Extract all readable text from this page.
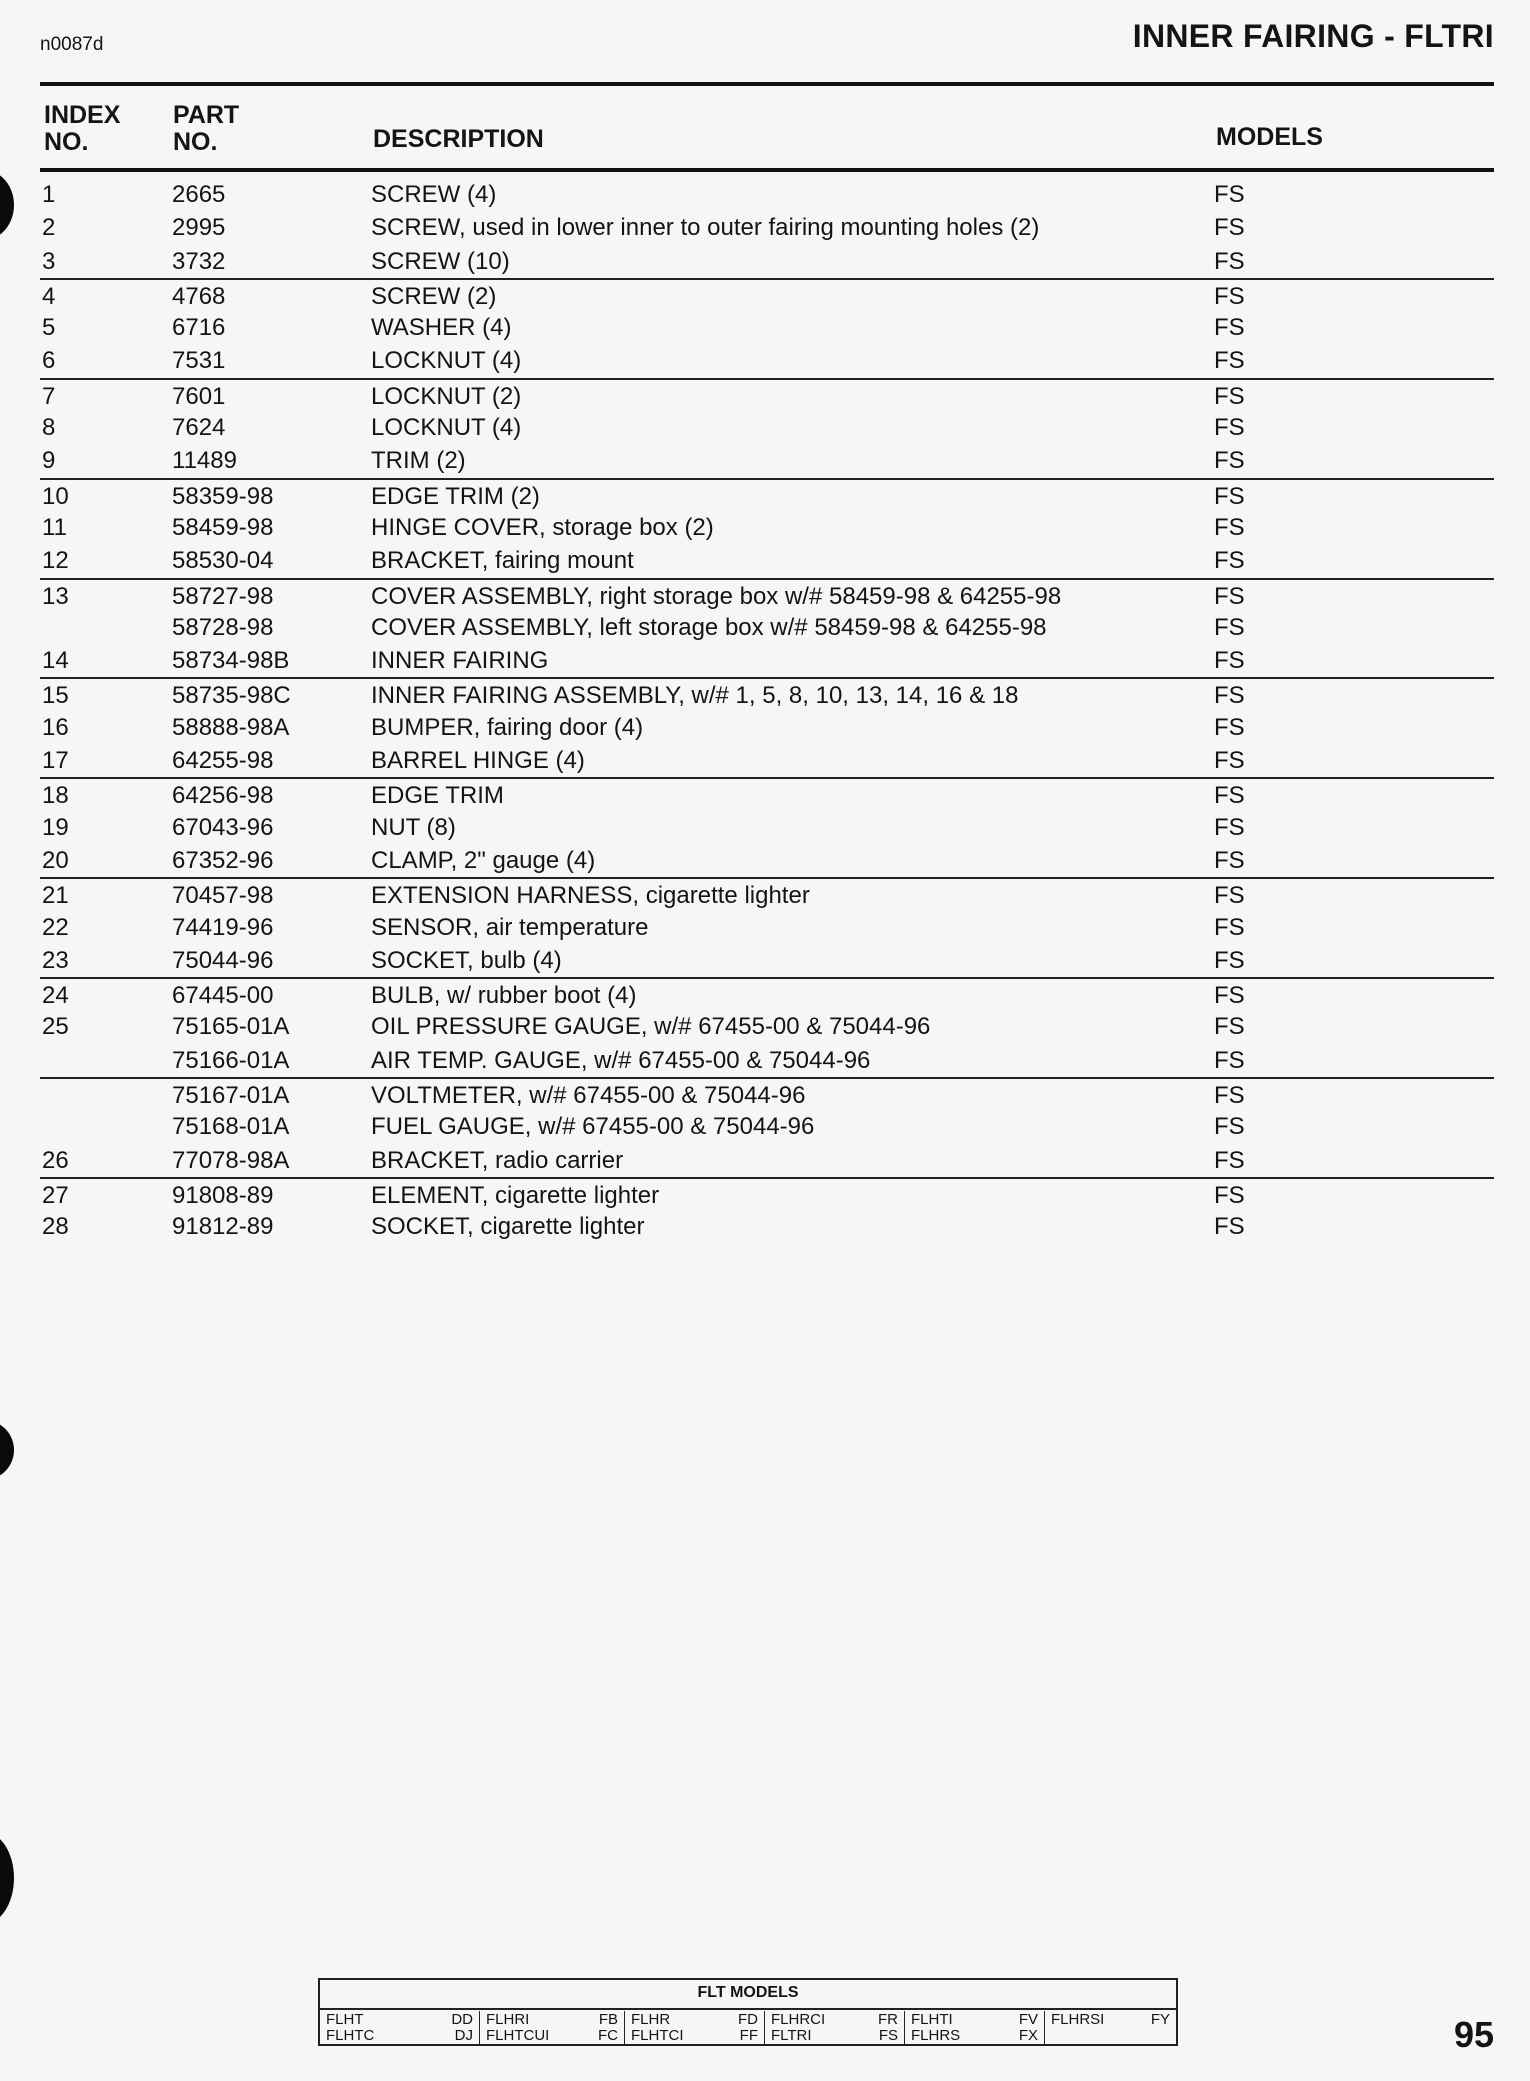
n0087d	INNER FAIRING - FLTRI
INDEX
NO.
PART
NO.	DESCRIPTION	MODELS
1	2665	SCREW (4)	FS
2	2995	SCREW, used in lower inner to outer fairing mounting holes (2)	FS
3	3732	SCREW (10)	FS
4	4768	SCREW (2)	FS
5	6716	WASHER (4)	FS
6	7531	LOCKNUT (4)	FS
7	7601	LOCKNUT (2)	FS
8	7624	LOCKNUT (4)	FS
9	11489	TRIM (2)	FS
10	58359-98	EDGE TRIM (2)	FS
11	58459-98	HINGE COVER, storage box (2)	FS
12	58530-04	BRACKET, fairing mount	FS
13	58727-98	COVER ASSEMBLY, right storage box w/# 58459-98 & 64255-98	FS
58728-98	COVER ASSEMBLY, left storage box w/# 58459-98 & 64255-98	FS
14	58734-98B	INNER FAIRING	FS
15	58735-98C	INNER FAIRING ASSEMBLY, w/# 1, 5, 8, 10, 13, 14, 16 & 18	FS
16	58888-98A	BUMPER, fairing door (4)	FS
17	64255-98	BARREL HINGE (4)	FS
18	64256-98	EDGE TRIM	FS
19	67043-96	NUT (8)	FS
20	67352-96	CLAMP, 2" gauge (4)	FS
21	70457-98	EXTENSION HARNESS, cigarette lighter	FS
22	74419-96	SENSOR, air temperature	FS
23	75044-96	SOCKET, bulb (4)	FS
24	67445-00	BULB, w/ rubber boot (4)	FS
25	75165-01A	OIL PRESSURE GAUGE, w/# 67455-00 & 75044-96	FS
75166-01A	AIR TEMP. GAUGE, w/# 67455-00 & 75044-96	FS
75167-01A	VOLTMETER, w/# 67455-00 & 75044-96	FS
75168-01A	FUEL GAUGE, w/# 67455-00 & 75044-96	FS
26	77078-98A	BRACKET, radio carrier	FS
27	91808-89	ELEMENT, cigarette lighter	FS
28	91812-89	SOCKET, cigarette lighter	FS
FLT MODELS
FLHT	DD
FLHTC	DJ
FLHRI	FB
FLHTCUI	FC
FLHR	FD
FLHTCI	FF
FLHRCI	FR
FLTRI	FS
FLHTI	FV
FLHRS	FX
FLHRSI	FY	95
